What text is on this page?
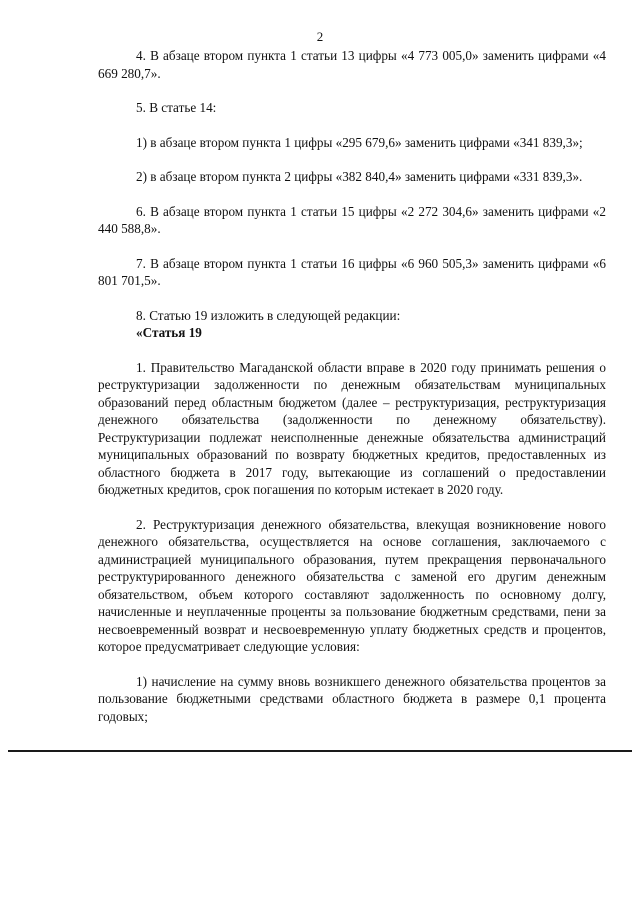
2

4. В абзаце втором пункта 1 статьи 13 цифры «4 773 005,0» заменить цифрами «4 669 280,7».

5. В статье 14:

1) в абзаце втором пункта 1 цифры «295 679,6» заменить цифрами «341 839,3»;

2) в абзаце втором пункта 2 цифры «382 840,4» заменить цифрами «331 839,3».

6. В абзаце втором пункта 1 статьи 15 цифры «2 272 304,6» заменить цифрами «2 440 588,8».

7. В абзаце втором пункта 1 статьи 16 цифры «6 960 505,3» заменить цифрами «6 801 701,5».

8. Статью 19 изложить в следующей редакции:

«Статья 19

1. Правительство Магаданской области вправе в 2020 году принимать решения о реструктуризации задолженности по денежным обязательствам муниципальных образований перед областным бюджетом (далее – реструктуризация, реструктуризация денежного обязательства (задолженности по денежному обязательству). Реструктуризации подлежат неисполненные денежные обязательства администраций муниципальных образований по возврату бюджетных кредитов, предоставленных из областного бюджета в 2017 году, вытекающие из соглашений о предоставлении бюджетных кредитов, срок погашения по которым истекает в 2020 году.

2. Реструктуризация денежного обязательства, влекущая возникновение нового денежного обязательства, осуществляется на основе соглашения, заключаемого с администрацией муниципального образования, путем прекращения первоначального реструктурированного денежного обязательства с заменой его другим денежным обязательством, объем которого составляют задолженность по основному долгу, начисленные и неуплаченные проценты за пользование бюджетным средствами, пени за несвоевременный возврат и несвоевременную уплату бюджетных средств и процентов, которое предусматривает следующие условия:

1) начисление на сумму вновь возникшего денежного обязательства процентов за пользование бюджетными средствами областного бюджета в размере 0,1 процента годовых;
